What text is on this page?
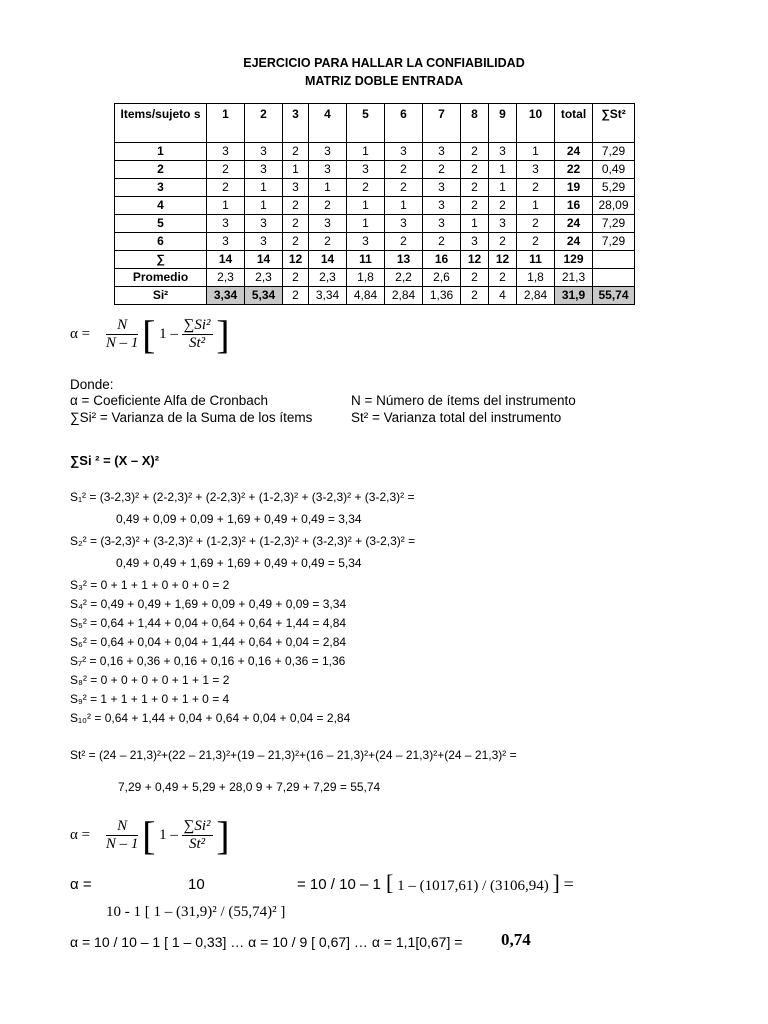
EJERCICIO PARA HALLAR LA CONFIABILIDAD
MATRIZ DOBLE ENTRADA
Items/sujeto s	1	2	3	4	5	6	7	8	9	10	total	∑St²
1	3	3	2	3	1	3	3	2	3	1	24	7,29
2	2	3	1	3	3	2	2	2	1	3	22	0,49
3	2	1	3	1	2	2	3	2	1	2	19	5,29
4	1	1	2	2	1	1	3	2	2	1	16	28,09
5	3	3	2	3	1	3	3	1	3	2	24	7,29
6	3	3	2	2	3	2	2	3	2	2	24	7,29
∑	14	14	12	14	11	13	16	12	12	11	129	
Promedio	2,3	2,3	2	2,3	1,8	2,2	2,6	2	2	1,8	21,3	
Si²	3,34	5,34	2	3,34	4,84	2,84	1,36	2	4	2,84	31,9	55,74
$\alpha = \frac{N}{N - 1}$ [ $1 - \frac{\text{∑Si²}}{\text{St²}}$ ]
Donde:
α = Coeficiente Alfa de Cronbach	N = Número de ítems del instrumento
∑Si² = Varianza de la Suma de los ítems	St² = Varianza total del instrumento
∑Si ² = (X – X)²
S₁² = (3-2,3)² + (2-2,3)² + (2-2,3)² + (1-2,3)² + (3-2,3)² + (3-2,3)² =
0,49 + 0,09 + 0,09 + 1,69 + 0,49 + 0,49 = 3,34
S₂² = (3-2,3)² + (3-2,3)² + (1-2,3)² + (1-2,3)² + (3-2,3)² + (3-2,3)² =
0,49 + 0,49 + 1,69 + 1,69 + 0,49 + 0,49 = 5,34
S₃² = 0 + 1 + 1 + 0 + 0 + 0 = 2
S₄² = 0,49 + 0,49 + 1,69 + 0,09 + 0,49 + 0,09 = 3,34
S₅² = 0,64 + 1,44 + 0,04 + 0,64 + 0,64 + 1,44 = 4,84
S₆² = 0,64 + 0,04 + 0,04 + 1,44 + 0,64 + 0,04 = 2,84
S₇² = 0,16 + 0,36 + 0,16 + 0,16 + 0,16 + 0,36 = 1,36
S₈² = 0 + 0 + 0 + 0 + 1 + 1 = 2
S₉² = 1 + 1 + 1 + 0 + 1 + 0 = 4
S₁₀² = 0,64 + 1,44 + 0,04 + 0,64 + 0,04 + 0,04 = 2,84
St² = (24 – 21,3)²+(22 – 21,3)²+(19 – 21,3)²+(16 – 21,3)²+(24 – 21,3)²+(24 – 21,3)² =
7,29 + 0,49 + 5,29 + 28,0 9 + 7,29 + 7,29 = 55,74
$\alpha = \frac{N}{N - 1}$ [ $1 - \frac{\text{∑Si²}}{\text{St²}}$ ]
α =	10	= 10 / 10 – 1 [ 1 – (1017,61) / (3106,94) ] =
10 - 1 [ 1 – (31,9)² / (55,74)² ]
α = 10 / 10 – 1 [ 1 – 0,33] … α = 10 / 9 [ 0,67] … α = 1,1[0,67] = 0,74
